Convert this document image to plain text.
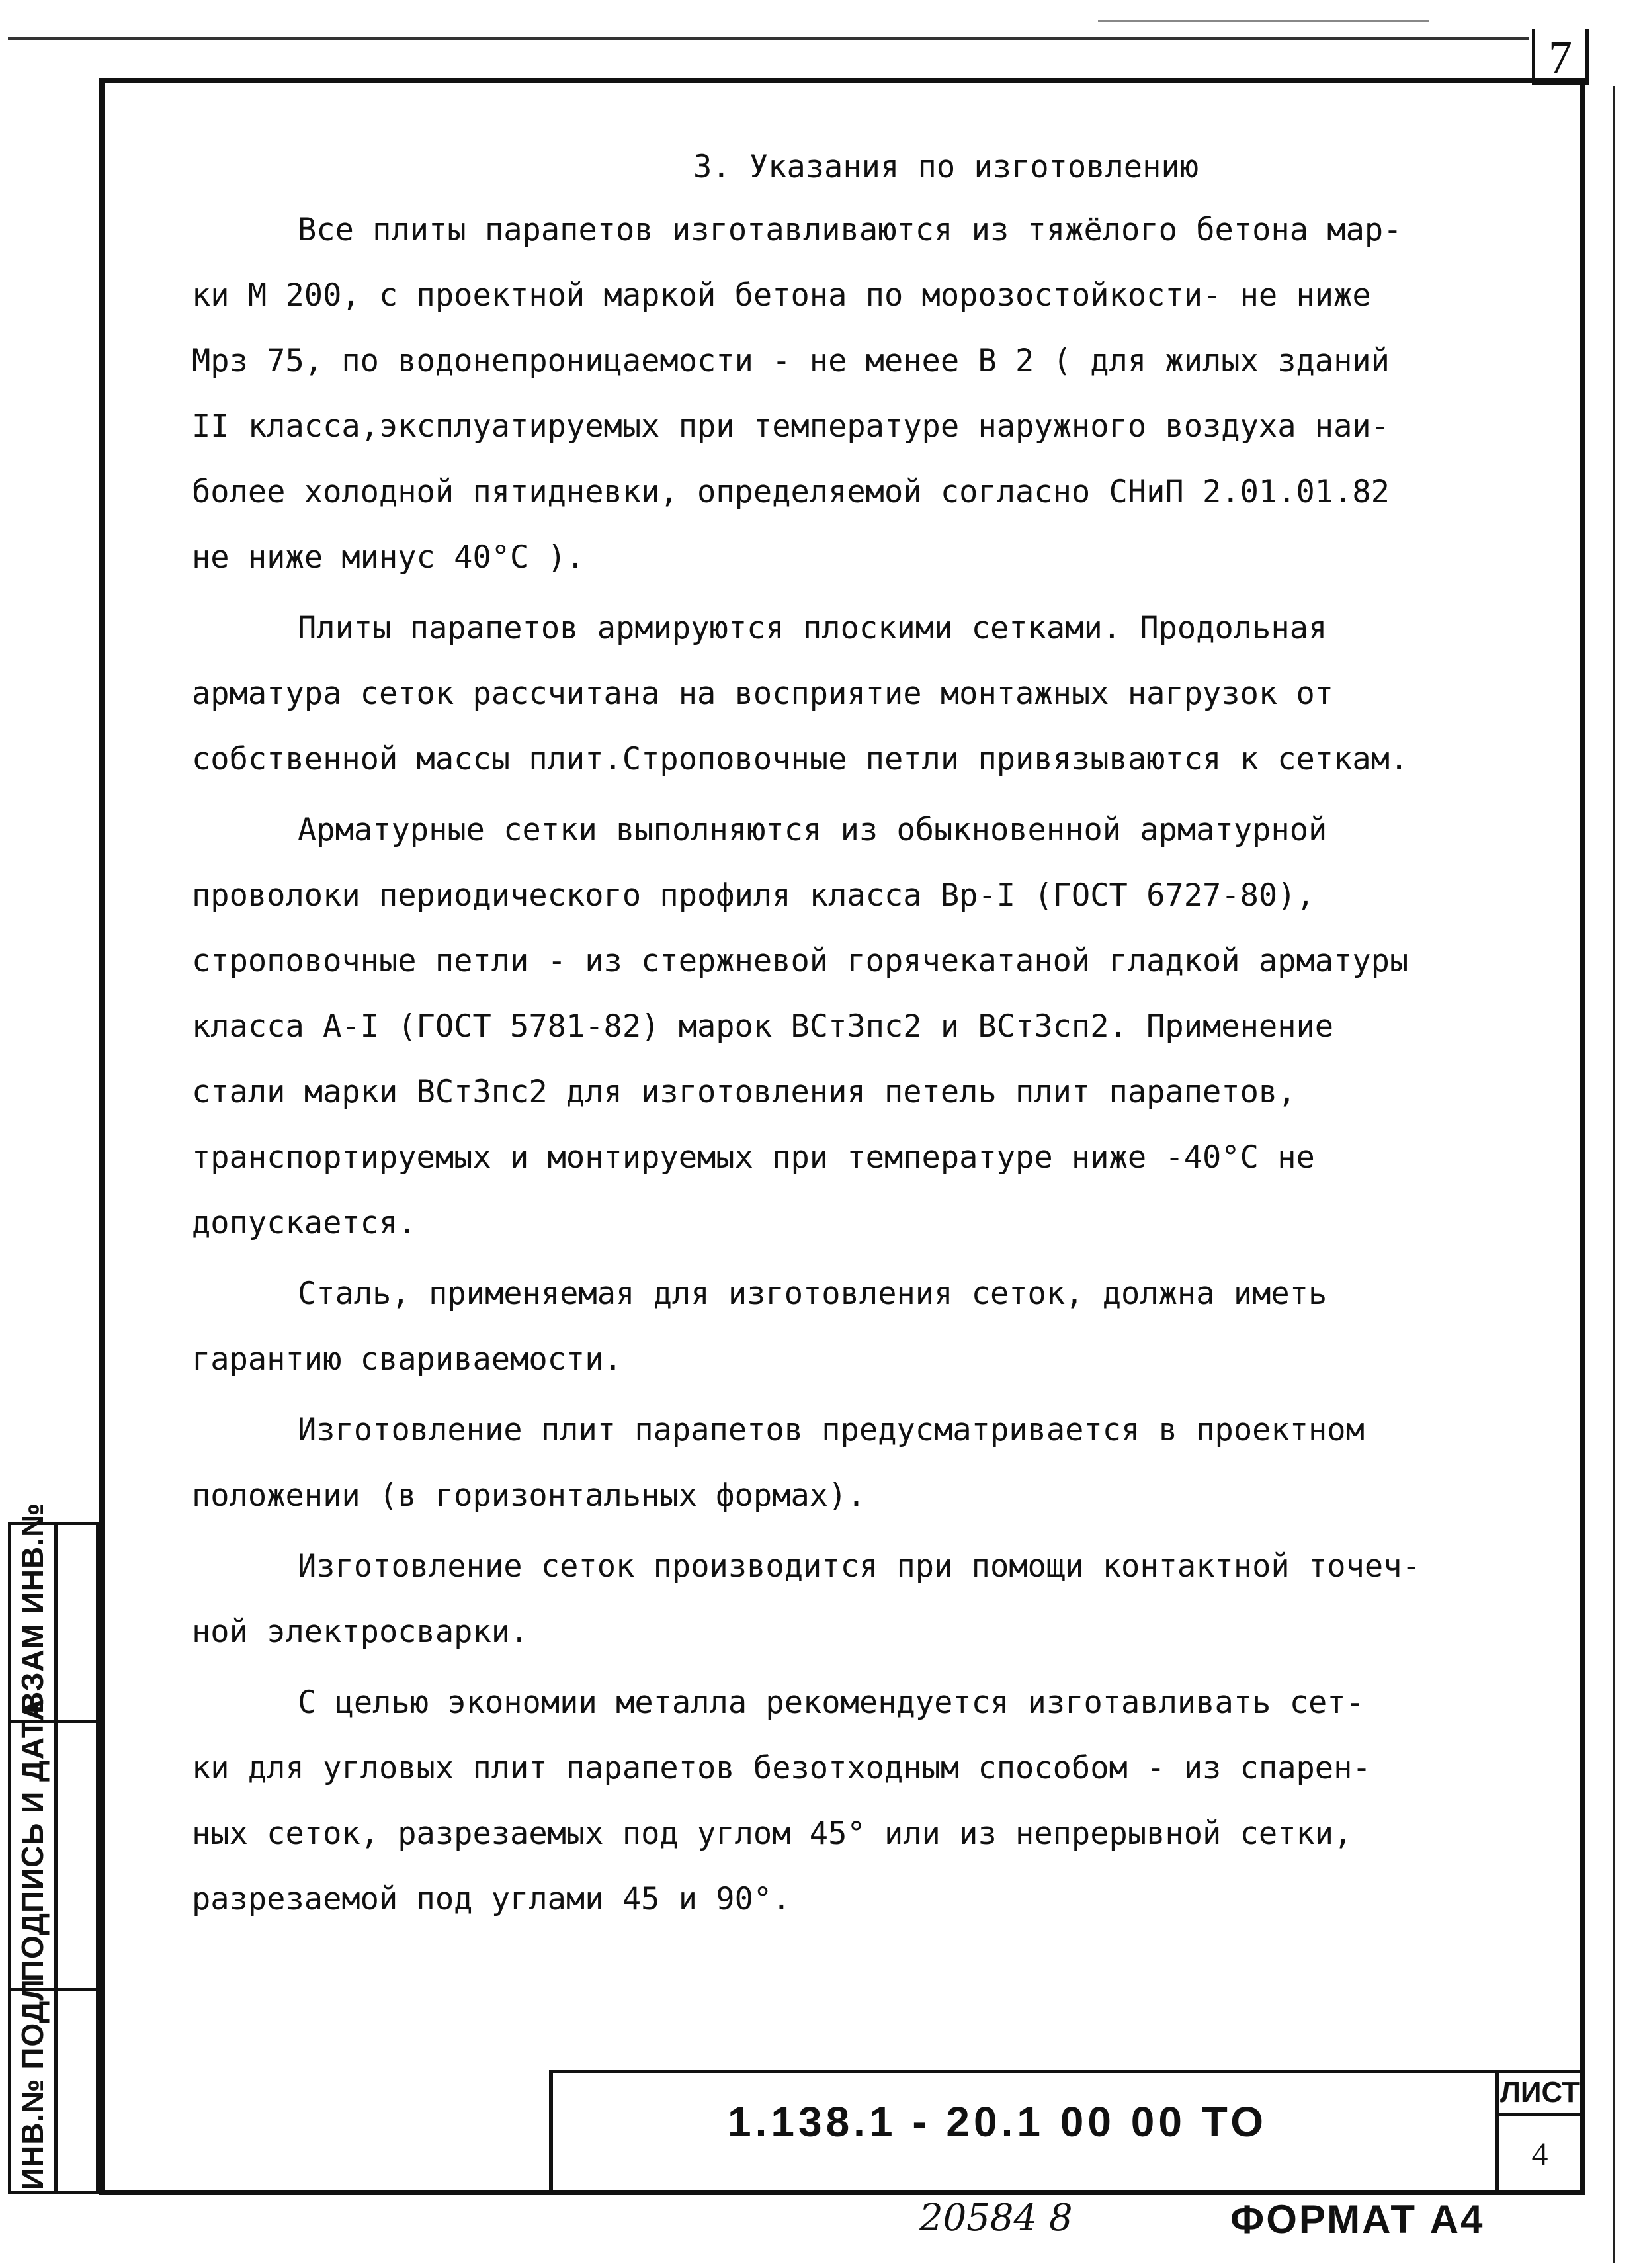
7
3. Указания по изготовлению

Все плиты парапетов изготавливаются из тяжёлого бетона мар-

ки М 200, с проектной маркой бетона по морозостойкости- не ниже

Мрз 75, по водонепроницаемости - не менее В 2 ( для жилых зданий

II класса,эксплуатируемых при температуре наружного воздуха наи-

более холодной пятидневки, определяемой согласно СНиП 2.01.01.82

не ниже минус 40°С ).

Плиты парапетов армируются плоскими сетками. Продольная

арматура сеток рассчитана на восприятие монтажных нагрузок от

собственной массы плит.Строповочные петли привязываются к сеткам.

Арматурные сетки выполняются из обыкновенной арматурной

проволоки периодического профиля класса Вр-I (ГОСТ 6727-80),

строповочные петли - из стержневой горячекатаной гладкой арматуры

класса А-I (ГОСТ 5781-82) марок ВСт3пс2 и ВСт3сп2. Применение

стали марки ВСт3пс2 для изготовления петель плит парапетов,

транспортируемых и монтируемых при температуре ниже -40°С не

допускается.

Сталь, применяемая для изготовления сеток, должна иметь

гарантию свариваемости.

Изготовление плит парапетов предусматривается в проектном

положении (в горизонтальных формах).

Изготовление сеток производится при помощи контактной точеч-

ной электросварки.

С целью экономии металла рекомендуется изготавливать сет-

ки для угловых плит парапетов безотходным способом - из спарен-

ных сеток, разрезаемых под углом 45° или из непрерывной сетки,

разрезаемой под углами 45 и 90°.

ВЗАМ ИНВ.№
ПОДПИСЬ И ДАТА
ИНВ.№ ПОДЛ	1.138.1 - 20.1 00 00 ТО
ЛИСТ
4
20584 8	ФОРМАТ А4
